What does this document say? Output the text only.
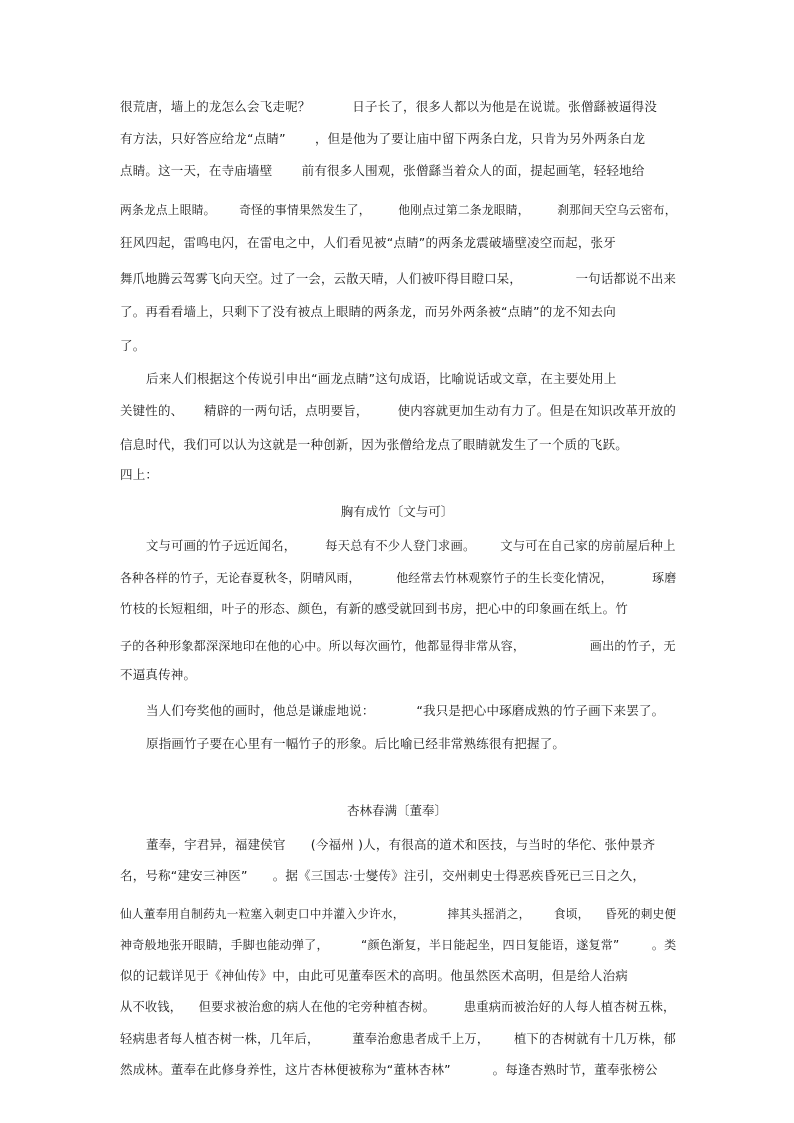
很荒唐，墙上的龙怎么会飞走呢？          日子长了，很多人都以为他是在说谎。张僧繇被逼得没
有方法，只好答应给龙“点睛”       ，但是他为了要让庙中留下两条白龙，只肯为另外两条白龙
点睛。这一天，在寺庙墙壁       前有很多人围观，张僧繇当着众人的面，提起画笔，轻轻地给
两条龙点上眼睛。      奇怪的事情果然发生了，       他刚点过第二条龙眼睛，       刹那间天空乌云密布，
狂风四起，雷鸣电闪，在雷电之中，人们看见被“点睛”的两条龙震破墙壁凌空而起，张牙
舞爪地腾云驾雾飞向天空。过了一会，云散天晴，人们被吓得目瞪口呆，             一句话都说不出来
了。再看看墙上，只剩下了没有被点上眼睛的两条龙，而另外两条被“点睛”的龙不知去向
了。
后来人们根据这个传说引申出“画龙点睛”这句成语，比喻说话或文章，在主要处用上
关键性的、     精辟的一两句话，点明要旨，       使内容就更加生动有力了。但是在知识改革开放的
信息时代，我们可以认为这就是一种创新，因为张僧给龙点了眼睛就发生了一个质的飞跃。
四上：
胸有成竹〔文与可〕
文与可画的竹子远近闻名，       每天总有不少人登门求画。      文与可在自己家的房前屋后种上
各种各样的竹子，无论春夏秋冬，阴晴风雨，         他经常去竹林观察竹子的生长变化情况，          琢磨
竹枝的长短粗细，叶子的形态、颜色，有新的感受就回到书房，把心中的印象画在纸上。竹
子的各种形象都深深地印在他的心中。所以每次画竹，他都显得非常从容，                画出的竹子，无
不逼真传神。
当人们夸奖他的画时，他总是谦虚地说：          “我只是把心中琢磨成熟的竹子画下来罢了。
原指画竹子要在心里有一幅竹子的形象。后比喻已经非常熟练很有把握了。
杏林春满〔董奉〕
董奉，宇君异，福建侯官      (今福州 )人，有很高的道术和医技，与当时的华佗、张仲景齐
名，号称“建安三神医”      。据《三国志·士燮传》注引，交州刺史士得恶疾昏死已三日之久，
仙人董奉用自制药丸一粒塞入刺吏口中并灌入少许水，           摔其头摇消之，      食顷，    昏死的刺史便
神奇般地张开眼睛，手脚也能动弹了，        “颜色渐复，半日能起坐，四日复能语，遂复常”        。类
似的记载详见于《神仙传》中，由此可见董奉医术的高明。他虽然医术高明，但是给人治病
从不收钱，    但要求被治愈的病人在他的宅旁种植杏树。       患重病而被治好的人每人植杏树五株，
轻病患者每人植杏树一株，几年后，        董奉治愈患者成千上万，      植下的杏树就有十几万株，郁
然成林。董奉在此修身养性，这片杏林便被称为“董林杏林”          。每逢杏熟时节，董奉张榜公
